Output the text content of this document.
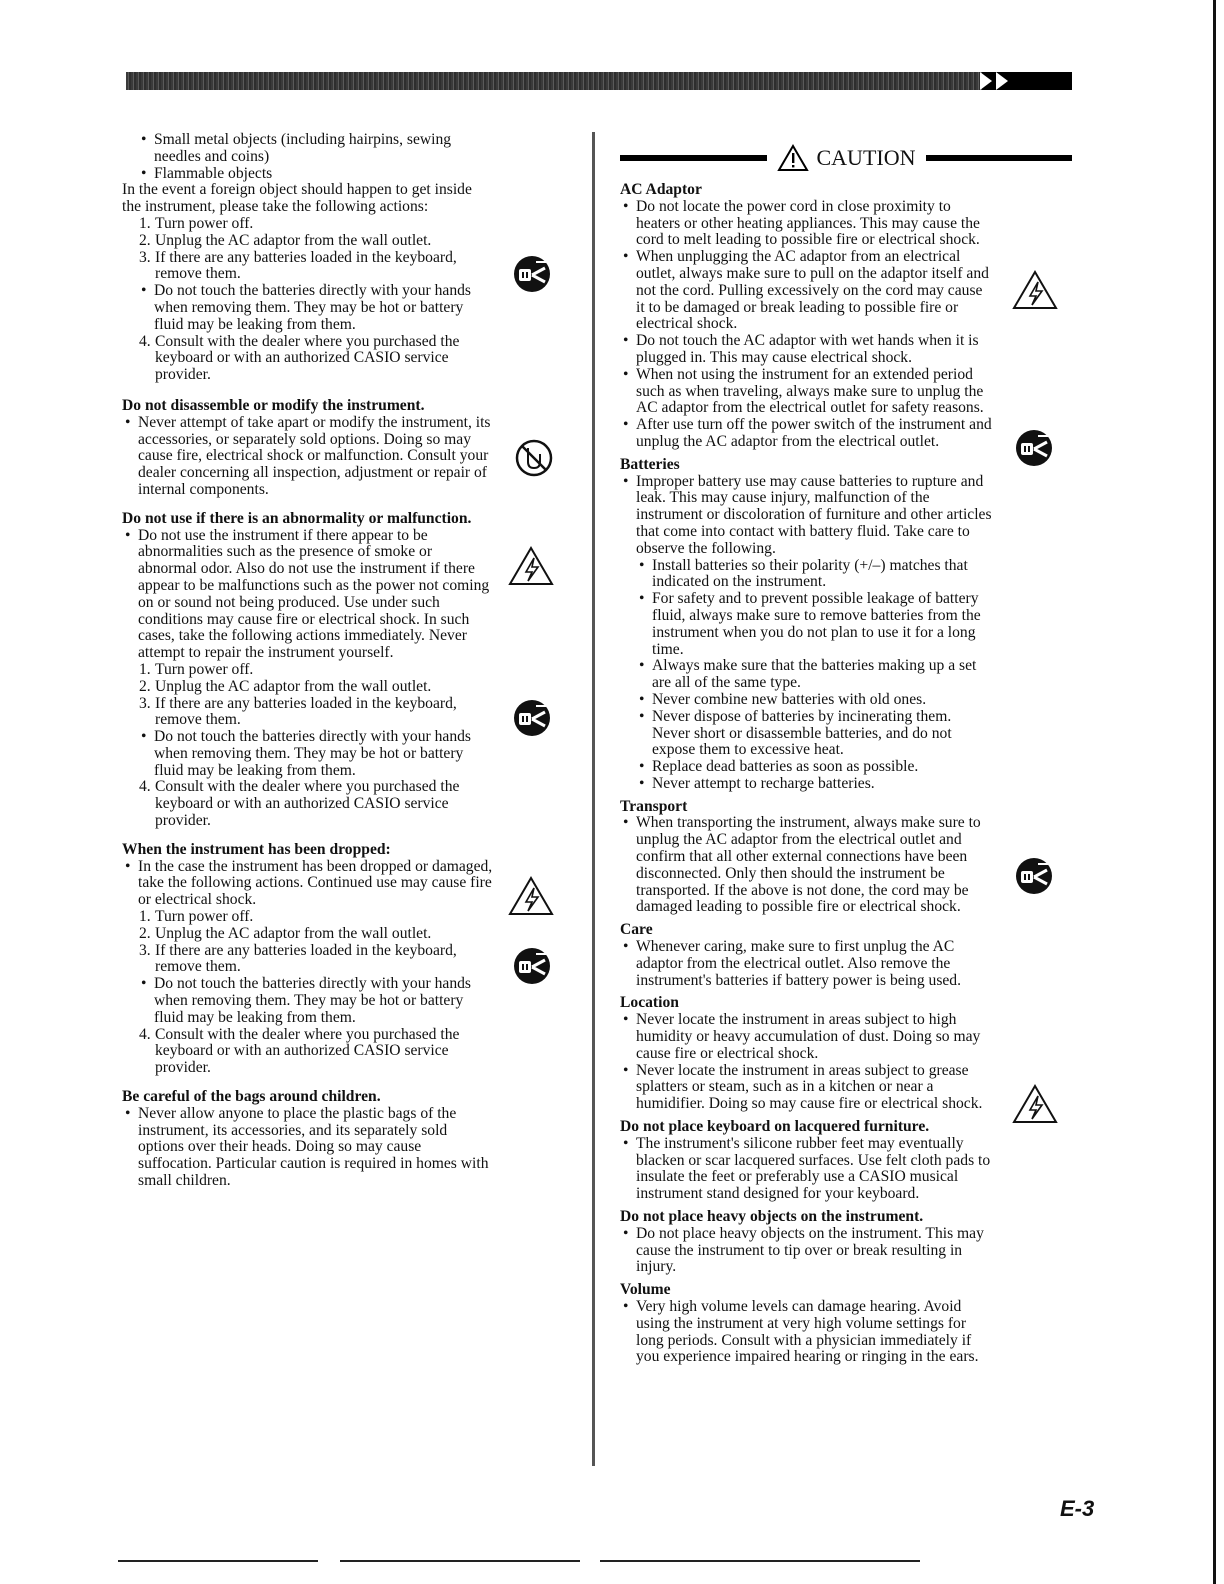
• Small metal objects (including hairpins, sewing needles and coins)

• Flammable objects

In the event a foreign object should happen to get inside the instrument, please take the following actions:

1. Turn power off.

2. Unplug the AC adaptor from the wall outlet.

3. If there are any batteries loaded in the keyboard, remove them.

• Do not touch the batteries directly with your hands when removing them. They may be hot or battery fluid may be leaking from them.

4. Consult with the dealer where you purchased the keyboard or with an authorized CASIO service provider.

Do not disassemble or modify the instrument.

• Never attempt of take apart or modify the instrument, its accessories, or separately sold options. Doing so may cause fire, electrical shock or malfunction. Consult your dealer concerning all inspection, adjustment or repair of internal components.

Do not use if there is an abnormality or malfunction.

• Do not use the instrument if there appear to be abnormalities such as the presence of smoke or abnormal odor. Also do not use the instrument if there appear to be malfunctions such as the power not coming on or sound not being produced. Use under such conditions may cause fire or electrical shock. In such cases, take the following actions immediately. Never attempt to repair the instrument yourself.

1. Turn power off.

2. Unplug the AC adaptor from the wall outlet.

3. If there are any batteries loaded in the keyboard, remove them.

• Do not touch the batteries directly with your hands when removing them. They may be hot or battery fluid may be leaking from them.

4. Consult with the dealer where you purchased the keyboard or with an authorized CASIO service provider.

When the instrument has been dropped:

• In the case the instrument has been dropped or damaged, take the following actions. Continued use may cause fire or electrical shock.

1. Turn power off.

2. Unplug the AC adaptor from the wall outlet.

3. If there are any batteries loaded in the keyboard, remove them.

• Do not touch the batteries directly with your hands when removing them. They may be hot or battery fluid may be leaking from them.

4. Consult with the dealer where you purchased the keyboard or with an authorized CASIO service provider.

Be careful of the bags around children.

• Never allow anyone to place the plastic bags of the instrument, its accessories, and its separately sold options over their heads. Doing so may cause suffocation. Particular caution is required in homes with small children.

CAUTION

AC Adaptor

• Do not locate the power cord in close proximity to heaters or other heating appliances. This may cause the cord to melt leading to possible fire or electrical shock.

• When unplugging the AC adaptor from an electrical outlet, always make sure to pull on the adaptor itself and not the cord. Pulling excessively on the cord may cause it to be damaged or break leading to possible fire or electrical shock.

• Do not touch the AC adaptor with wet hands when it is plugged in. This may cause electrical shock.

• When not using the instrument for an extended period such as when traveling, always make sure to unplug the AC adaptor from the electrical outlet for safety reasons.

• After use turn off the power switch of the instrument and unplug the AC adaptor from the electrical outlet.

Batteries

• Improper battery use may cause batteries to rupture and leak. This may cause injury, malfunction of the instrument or discoloration of furniture and other articles that come into contact with battery fluid. Take care to observe the following.

• Install batteries so their polarity (+/–) matches that indicated on the instrument.

• For safety and to prevent possible leakage of battery fluid, always make sure to remove batteries from the instrument when you do not plan to use it for a long time.

• Always make sure that the batteries making up a set are all of the same type.

• Never combine new batteries with old ones.

• Never dispose of batteries by incinerating them. Never short or disassemble batteries, and do not expose them to excessive heat.

• Replace dead batteries as soon as possible.

• Never attempt to recharge batteries.

Transport

• When transporting the instrument, always make sure to unplug the AC adaptor from the electrical outlet and confirm that all other external connections have been disconnected. Only then should the instrument be transported. If the above is not done, the cord may be damaged leading to possible fire or electrical shock.

Care

• Whenever caring, make sure to first unplug the AC adaptor from the electrical outlet. Also remove the instrument's batteries if battery power is being used.

Location

• Never locate the instrument in areas subject to high humidity or heavy accumulation of dust. Doing so may cause fire or electrical shock.

• Never locate the instrument in areas subject to grease splatters or steam, such as in a kitchen or near a humidifier. Doing so may cause fire or electrical shock.

Do not place keyboard on lacquered furniture.

• The instrument's silicone rubber feet may eventually blacken or scar lacquered surfaces. Use felt cloth pads to insulate the feet or preferably use a CASIO musical instrument stand designed for your keyboard.

Do not place heavy objects on the instrument.

• Do not place heavy objects on the instrument. This may cause the instrument to tip over or break resulting in injury.

Volume

• Very high volume levels can damage hearing. Avoid using the instrument at very high volume settings for long periods. Consult with a physician immediately if you experience impaired hearing or ringing in the ears.

E-3
